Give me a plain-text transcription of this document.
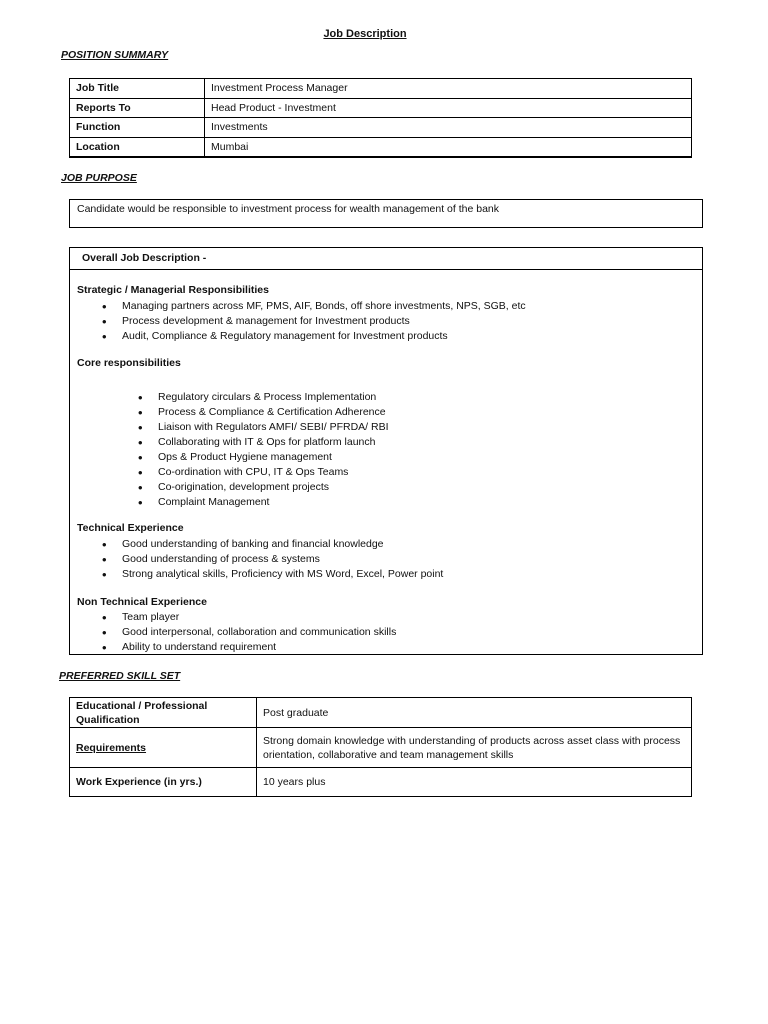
Job Description
POSITION SUMMARY
Job Title	Investment Process Manager
Reports To	Head Product - Investment
Function	Investments
Location	Mumbai
JOB PURPOSE
Candidate would be responsible to investment process for wealth management of the bank
Overall Job Description -
Strategic / Managerial Responsibilities
• Managing partners across MF, PMS, AIF, Bonds, off shore investments, NPS, SGB, etc
• Process development & management for Investment products
• Audit, Compliance & Regulatory management for Investment products
Core responsibilities
• Regulatory circulars & Process Implementation
• Process & Compliance & Certification Adherence
• Liaison with Regulators AMFI/ SEBI/ PFRDA/ RBI
• Collaborating with IT & Ops for platform launch
• Ops & Product Hygiene management
• Co-ordination with CPU, IT & Ops Teams
• Co-origination, development projects
• Complaint Management
Technical Experience
• Good understanding of banking and financial knowledge
• Good understanding of process & systems
• Strong analytical skills, Proficiency with MS Word, Excel, Power point
Non Technical Experience
• Team player
• Good interpersonal, collaboration and communication skills
• Ability to understand requirement
PREFERRED SKILL SET
Educational / Professional Qualification	Post graduate
Requirements	Strong domain knowledge with understanding of products across asset class with process orientation, collaborative and team management skills
Work Experience (in yrs.)	10 years plus
